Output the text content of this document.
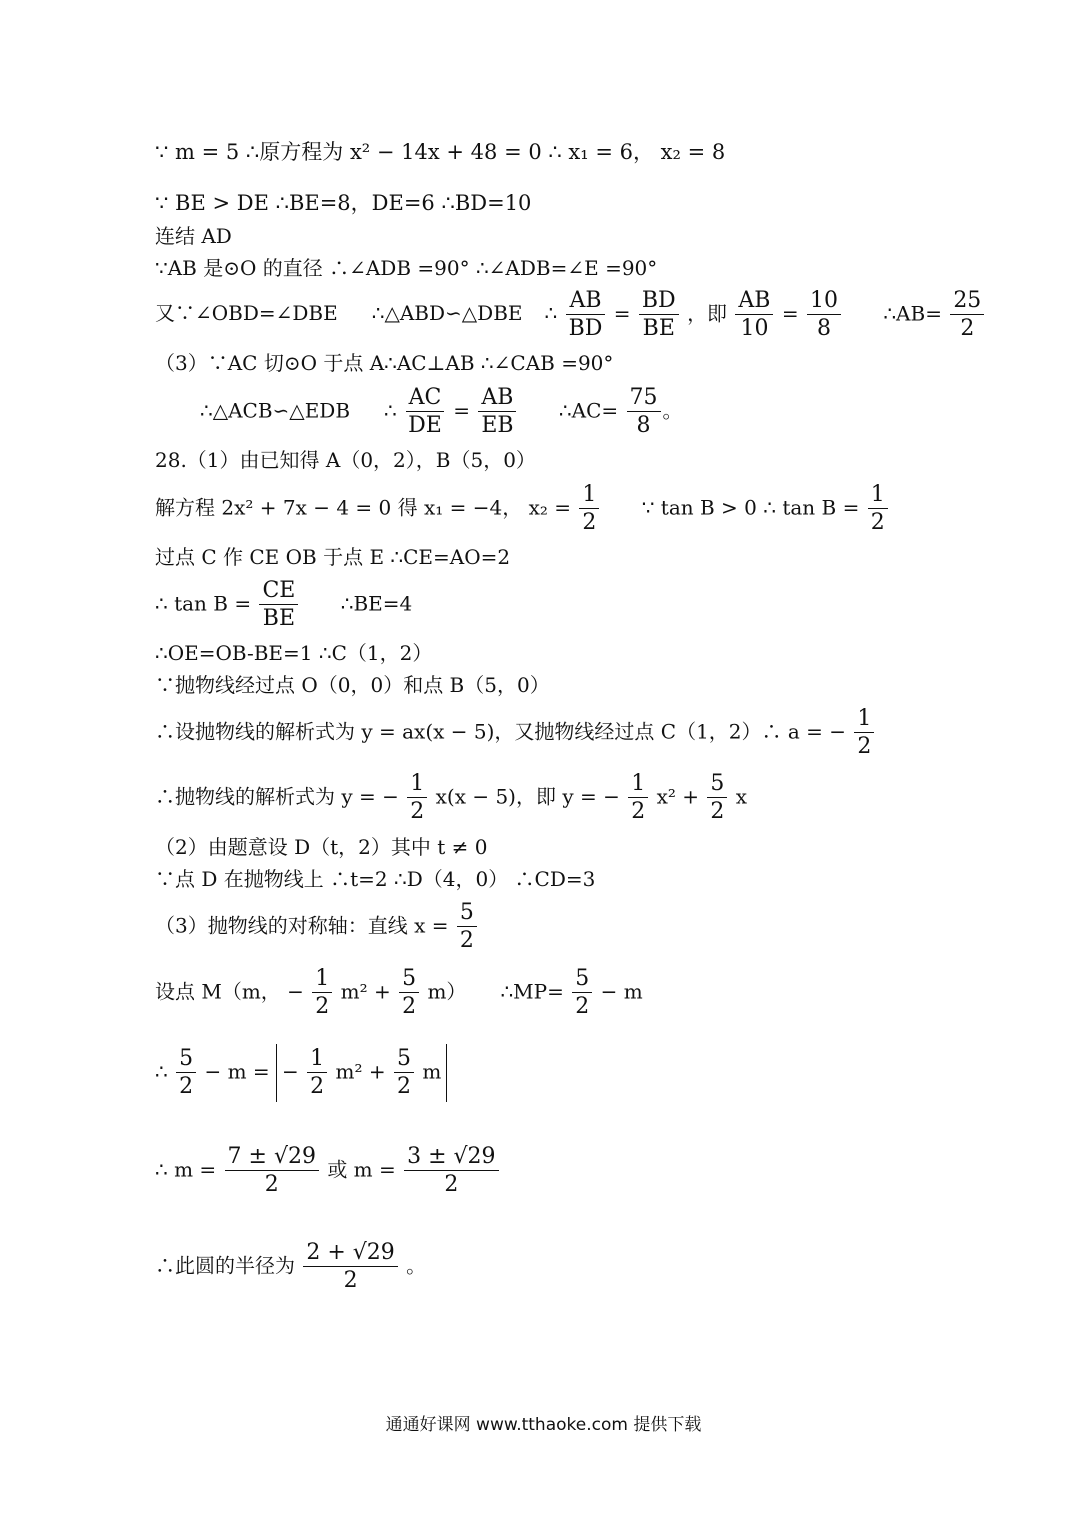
∵ m = 5 ∴原方程为 x² − 14x + 48 = 0 ∴ x₁ = 6， x₂ = 8
∵ BE > DE ∴BE=8，DE=6 ∴BD=10
连结 AD
∵AB 是⊙O 的直径 ∴∠ADB =90° ∴∠ADB=∠E =90°
又∵∠OBD=∠DBE ∴△ABD∽△DBE ∴ $\frac{AB}{BD} = \frac{BD}{BE}$ ，即 $\frac{AB}{10} = \frac{10}{8}$ ∴AB= $\frac{25}{2}$
（3）∵AC 切⊙O 于点 A∴AC⊥AB ∴∠CAB =90°
∴△ACB∽△EDB ∴ $\frac{AC}{DE} = \frac{AB}{EB}$ ∴AC= $\frac{75}{8}$ 。
28.（1）由已知得 A（0，2），B（5，0）
解方程 2x² + 7x − 4 = 0 得 x₁ = −4， $x_2 = \frac{1}{2}$ ∵ tan B > 0 ∴ $\tan B = \frac{1}{2}$
过点 C 作 CE OB 于点 E ∴CE=AO=2
∴ $\tan B = \frac{CE}{BE}$ ∴BE=4
∴OE=OB-BE=1 ∴C（1，2）
∵抛物线经过点 O（0，0）和点 B（5，0）
∴设抛物线的解析式为 y = ax(x − 5)，又抛物线经过点 C（1，2）∴ a = − $\frac{1}{2}$
∴抛物线的解析式为 y = − $\frac{1}{2} x(x - 5)$，即 y = − $\frac{1}{2} x^2 + \frac{5}{2}$ x
（2）由题意设 D（t，2）其中 t ≠ 0
∵点 D 在抛物线上 ∴t=2 ∴D（4，0） ∴CD=3
（3）抛物线的对称轴：直线 $x = \frac{5}{2}$
设点 M（m， − $\frac{1}{2} m^2 + \frac{5}{2} m$） ∴MP= $\frac{5}{2} - m$
∴ $\frac{5}{2} - m$ = − $\frac{1}{2} m^2 + \frac{5}{2}$ m
∴ $m = \frac{7 \pm √29}{2}$ 或 $m = \frac{3 \pm √29}{2}$
∴此圆的半径为 $\frac{2 + √29}{2}$ 。
通通好课网 www.tthaoke.com 提供下载
